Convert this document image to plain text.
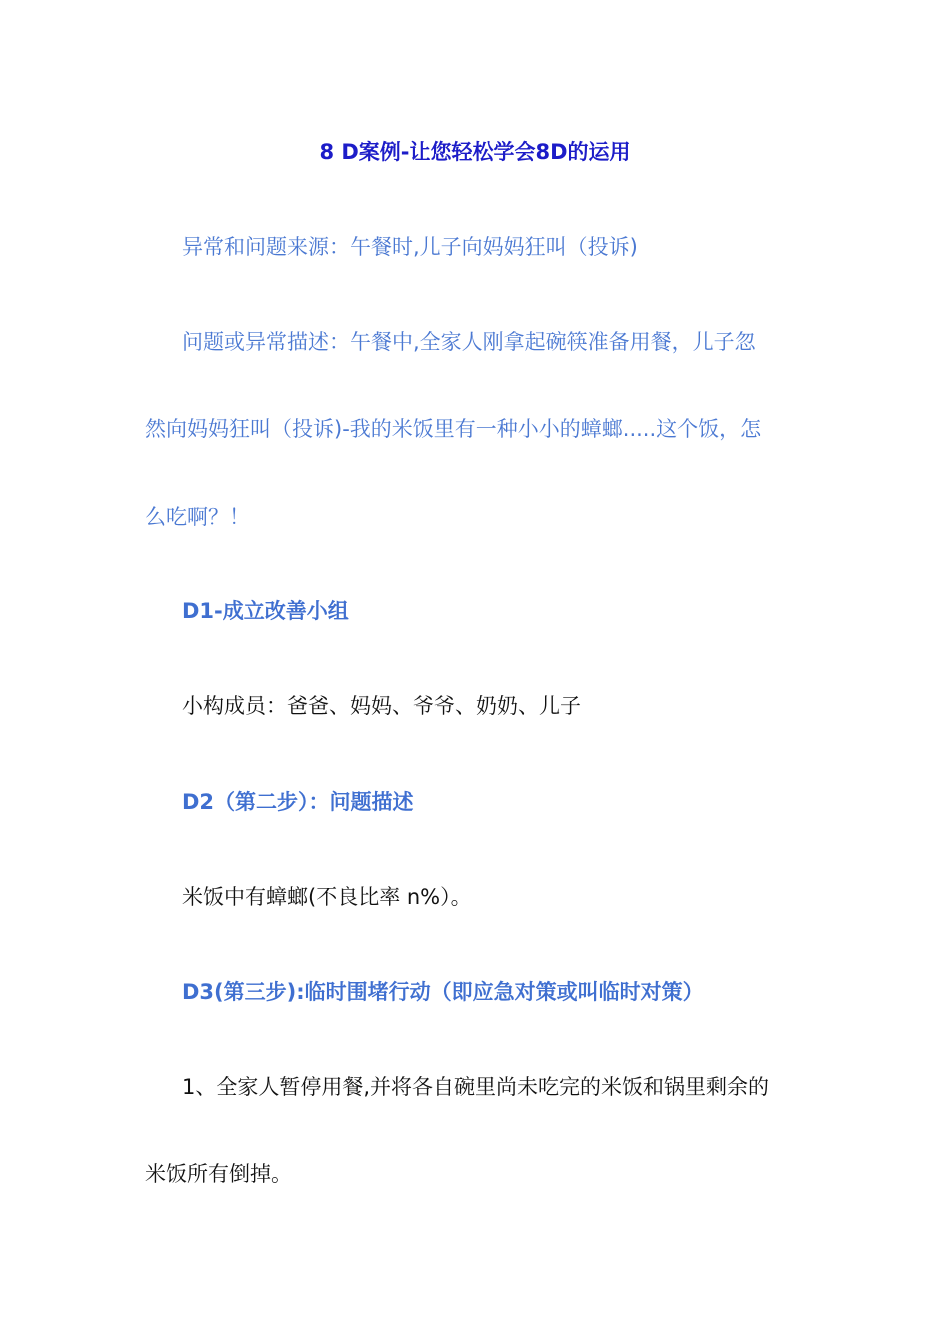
8 D案例-让您轻松学会8D的运用
异常和问题来源：午餐时,儿子向妈妈狂叫（投诉)
问题或异常描述：午餐中,全家人刚拿起碗筷准备用餐，儿子忽
然向妈妈狂叫（投诉)-我的米饭里有一种小小的蟑螂.....这个饭，怎
么吃啊？！
D1-成立改善小组
小构成员：爸爸、妈妈、爷爷、奶奶、儿子
D2（第二步）：问题描述
米饭中有蟑螂(不良比率 n%）。
D3(第三步):临时围堵行动（即应急对策或叫临时对策）
1、全家人暂停用餐,并将各自碗里尚未吃完的米饭和锅里剩余的
米饭所有倒掉。
